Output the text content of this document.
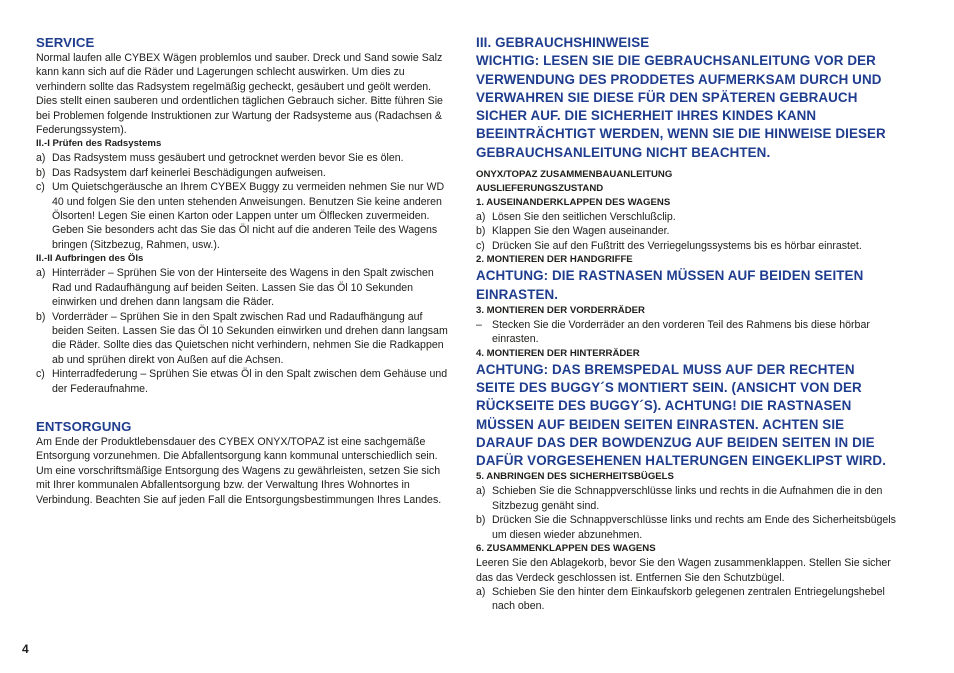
SERVICE

Normal laufen alle CYBEX Wägen problemlos und sauber. Dreck und Sand sowie Salz kann kann sich auf die Räder und Lagerungen schlecht auswirken. Um dies zu verhindern sollte das Radsystem regelmäßig gecheckt, gesäubert und geölt werden. Dies stellt einen sauberen und ordentlichen täglichen Gebrauch sicher. Bitte führen Sie bei Problemen folgende Instruktionen zur Wartung der Radsysteme aus (Radachsen & Federungssystem).

II.-I Prüfen des Radsystems

a) Das Radsystem muss gesäubert und getrocknet werden bevor Sie es ölen.
b) Das Radsystem darf keinerlei Beschädigungen aufweisen.
c) Um Quietschgeräusche an Ihrem CYBEX Buggy zu vermeiden nehmen Sie nur WD 40 und folgen Sie den unten stehenden Anweisungen. Benutzen Sie keine anderen Ölsorten! Legen Sie einen Karton oder Lappen unter um Ölflecken zuvermeiden. Geben Sie besonders acht das Sie das Öl nicht auf die anderen Teile des Wagens bringen (Sitzbezug, Rahmen, usw.).

II.-II Aufbringen des Öls

a) Hinterräder – Sprühen Sie von der Hinterseite des Wagens in den Spalt zwischen Rad und Radaufhängung auf beiden Seiten. Lassen Sie das Öl 10 Sekunden einwirken und drehen dann langsam die Räder.
b) Vorderräder – Sprühen Sie in den Spalt zwischen Rad und Radaufhängung auf beiden Seiten. Lassen Sie das Öl 10 Sekunden einwirken und drehen dann langsam die Räder. Sollte dies das Quietschen nicht verhindern, nehmen Sie die Radkappen ab und sprühen direkt von Außen auf die Achsen.
c) Hinterradfederung – Sprühen Sie etwas Öl in den Spalt zwischen dem Gehäuse und der Federaufnahme.
ENTSORGUNG

Am Ende der Produktlebensdauer des CYBEX ONYX/TOPAZ ist eine sachgemäße Entsorgung vorzunehmen. Die Abfallentsorgung kann kommunal unterschiedlich sein. Um eine vorschriftsmäßige Entsorgung des Wagens zu gewährleisten, setzen Sie sich mit Ihrer kommunalen Abfallentsorgung bzw. der Verwaltung Ihres Wohnortes in Verbindung. Beachten Sie auf jeden Fall die Entsorgungsbestimmungen Ihres Landes.

III. GEBRAUCHSHINWEISE
WICHTIG: LESEN SIE DIE GEBRAUCHSANLEITUNG VOR DER VERWENDUNG DES PRODDETES AUFMERKSAM DURCH UND VERWAHREN SIE DIESE FÜR DEN SPÄTEREN GEBRAUCH SICHER AUF. DIE SICHERHEIT IHRES KINDES KANN BEEINTRÄCHTIGT WERDEN, WENN SIE DIE HINWEISE DIESER GEBRAUCHSANLEITUNG NICHT BEACHTEN.

ONYX/TOPAZ ZUSAMMENBAUANLEITUNG

AUSLIEFERUNGSZUSTAND

1. AUSEINANDERKLAPPEN DES WAGENS

a) Lösen Sie den seitlichen Verschlußclip.
b) Klappen Sie den Wagen auseinander.
c) Drücken Sie auf den Fußtritt des Verriegelungssystems bis es hörbar einrastet.

2. MONTIEREN DER HANDGRIFFE

ACHTUNG: DIE RASTNASEN MÜSSEN AUF BEIDEN SEITEN EINRASTEN.

3. MONTIEREN DER VORDERRÄDER

– Stecken Sie die Vorderräder an den vorderen Teil des Rahmens bis diese hörbar einrasten.

4. MONTIEREN DER HINTERRÄDER

ACHTUNG: DAS BREMSPEDAL MUSS AUF DER RECHTEN SEITE DES BUGGY´S MONTIERT SEIN. (ANSICHT VON DER RÜCKSEITE DES BUGGY´S). ACHTUNG! DIE RASTNASEN MÜSSEN AUF BEIDEN SEITEN EINRASTEN. ACHTEN SIE DARAUF DAS DER BOWDENZUG AUF BEIDEN SEITEN IN DIE DAFÜR VORGESEHENEN HALTERUNGEN EINGEKLIPST WIRD.

5. ANBRINGEN DES SICHERHEITSBÜGELS

a) Schieben Sie die Schnappverschlüsse links und rechts in die Aufnahmen die in den Sitzbezug genäht sind.
b) Drücken Sie die Schnappverschlüsse links und rechts am Ende des Sicherheitsbügels um diesen wieder abzunehmen.

6. ZUSAMMENKLAPPEN DES WAGENS

Leeren Sie den Ablagekorb, bevor Sie den Wagen zusammenklappen. Stellen Sie sicher das das Verdeck geschlossen ist. Entfernen Sie den Schutzbügel.

a) Schieben Sie den hinter dem Einkaufskorb gelegenen zentralen Entriegelungshebel nach oben.
4
